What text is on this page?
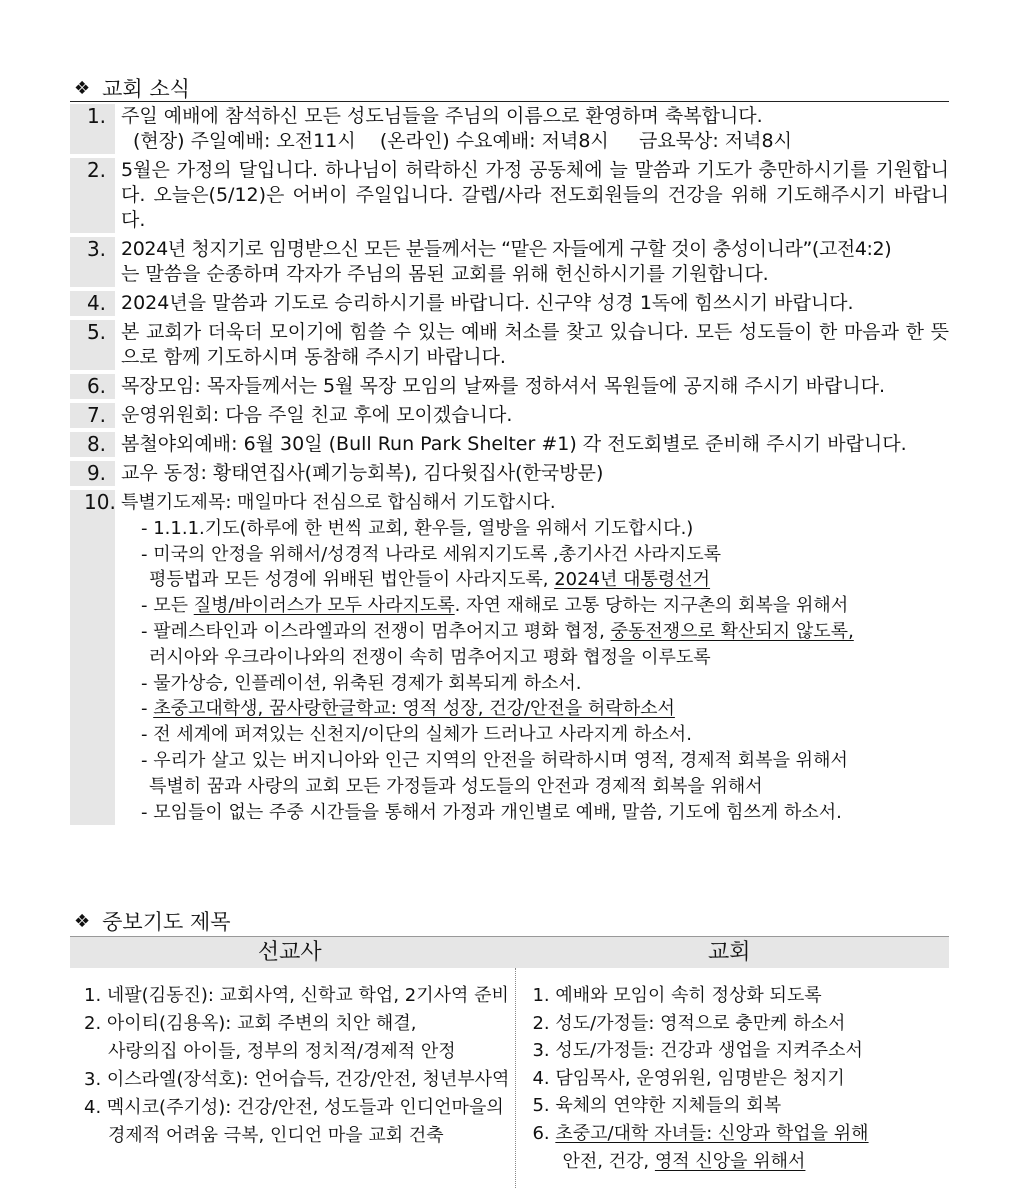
❖ 교회 소식
1. 주일 예배에 참석하신 모든 성도님들을 주님의 이름으로 환영하며 축복합니다.
(현장) 주일예배: 오전11시    (온라인) 수요예배: 저녁8시     금요묵상: 저녁8시
2. 5월은 가정의 달입니다. 하나님이 허락하신 가정 공동체에 늘 말씀과 기도가 충만하시기를 기원합니다. 오늘은(5/12)은 어버이 주일입니다. 갈렙/사라 전도회원들의 건강을 위해 기도해주시기 바랍니다.
3. 2024년 청지기로 임명받으신 모든 분들께서는 “맡은 자들에게 구할 것이 충성이니라”(고전4:2)
는 말씀을 순종하며 각자가 주님의 몸된 교회를 위해 헌신하시기를 기원합니다.
4. 2024년을 말씀과 기도로 승리하시기를 바랍니다. 신구약 성경 1독에 힘쓰시기 바랍니다.
5. 본 교회가 더욱더 모이기에 힘쓸 수 있는 예배 처소를 찾고 있습니다. 모든 성도들이 한 마음과 한 뜻으로 함께 기도하시며 동참해 주시기 바랍니다.
6. 목장모임: 목자들께서는 5월 목장 모임의 날짜를 정하셔서 목원들에 공지해 주시기 바랍니다.
7. 운영위원회: 다음 주일 친교 후에 모이겠습니다.
8. 봄철야외예배: 6월 30일 (Bull Run Park Shelter #1) 각 전도회별로 준비해 주시기 바랍니다.
9. 교우 동정: 황태연집사(폐기능회복), 김다윗집사(한국방문)
10. 특별기도제목: 매일마다 전심으로 합심해서 기도합시다.
- 1.1.1.기도(하루에 한 번씩 교회, 환우들, 열방을 위해서 기도합시다.)
- 미국의 안정을 위해서/성경적 나라로 세워지기도록 ,총기사건 사라지도록
평등법과 모든 성경에 위배된 법안들이 사라지도록, 2024년 대통령선거
- 모든 질병/바이러스가 모두 사라지도록. 자연 재해로 고통 당하는 지구촌의 회복을 위해서
- 팔레스타인과 이스라엘과의 전쟁이 멈추어지고 평화 협정, 중동전쟁으로 확산되지 않도록,
러시아와 우크라이나와의 전쟁이 속히 멈추어지고 평화 협정을 이루도록
- 물가상승, 인플레이션, 위축된 경제가 회복되게 하소서.
- 초중고대학생, 꿈사랑한글학교: 영적 성장, 건강/안전을 허락하소서
- 전 세계에 퍼져있는 신천지/이단의 실체가 드러나고 사라지게 하소서.
- 우리가 살고 있는 버지니아와 인근 지역의 안전을 허락하시며 영적, 경제적 회복을 위해서
특별히 꿈과 사랑의 교회 모든 가정들과 성도들의 안전과 경제적 회복을 위해서
- 모임들이 없는 주중 시간들을 통해서 가정과 개인별로 예배, 말씀, 기도에 힘쓰게 하소서.
❖ 중보기도 제목
선교사	교회
1. 네팔(김동진): 교회사역, 신학교 학업, 2기사역 준비
2. 아이티(김용옥): 교회 주변의 치안 해결,
사랑의집 아이들, 정부의 정치적/경제적 안정
3. 이스라엘(장석호): 언어습득, 건강/안전, 청년부사역
4. 멕시코(주기성): 건강/안전, 성도들과 인디언마을의
경제적 어려움 극복, 인디언 마을 교회 건축
1. 예배와 모임이 속히 정상화 되도록
2. 성도/가정들: 영적으로 충만케 하소서
3. 성도/가정들: 건강과 생업을 지켜주소서
4. 담임목사, 운영위원, 임명받은 청지기
5. 육체의 연약한 지체들의 회복
6. 초중고/대학 자녀들: 신앙과 학업을 위해
안전, 건강, 영적 신앙을 위해서
